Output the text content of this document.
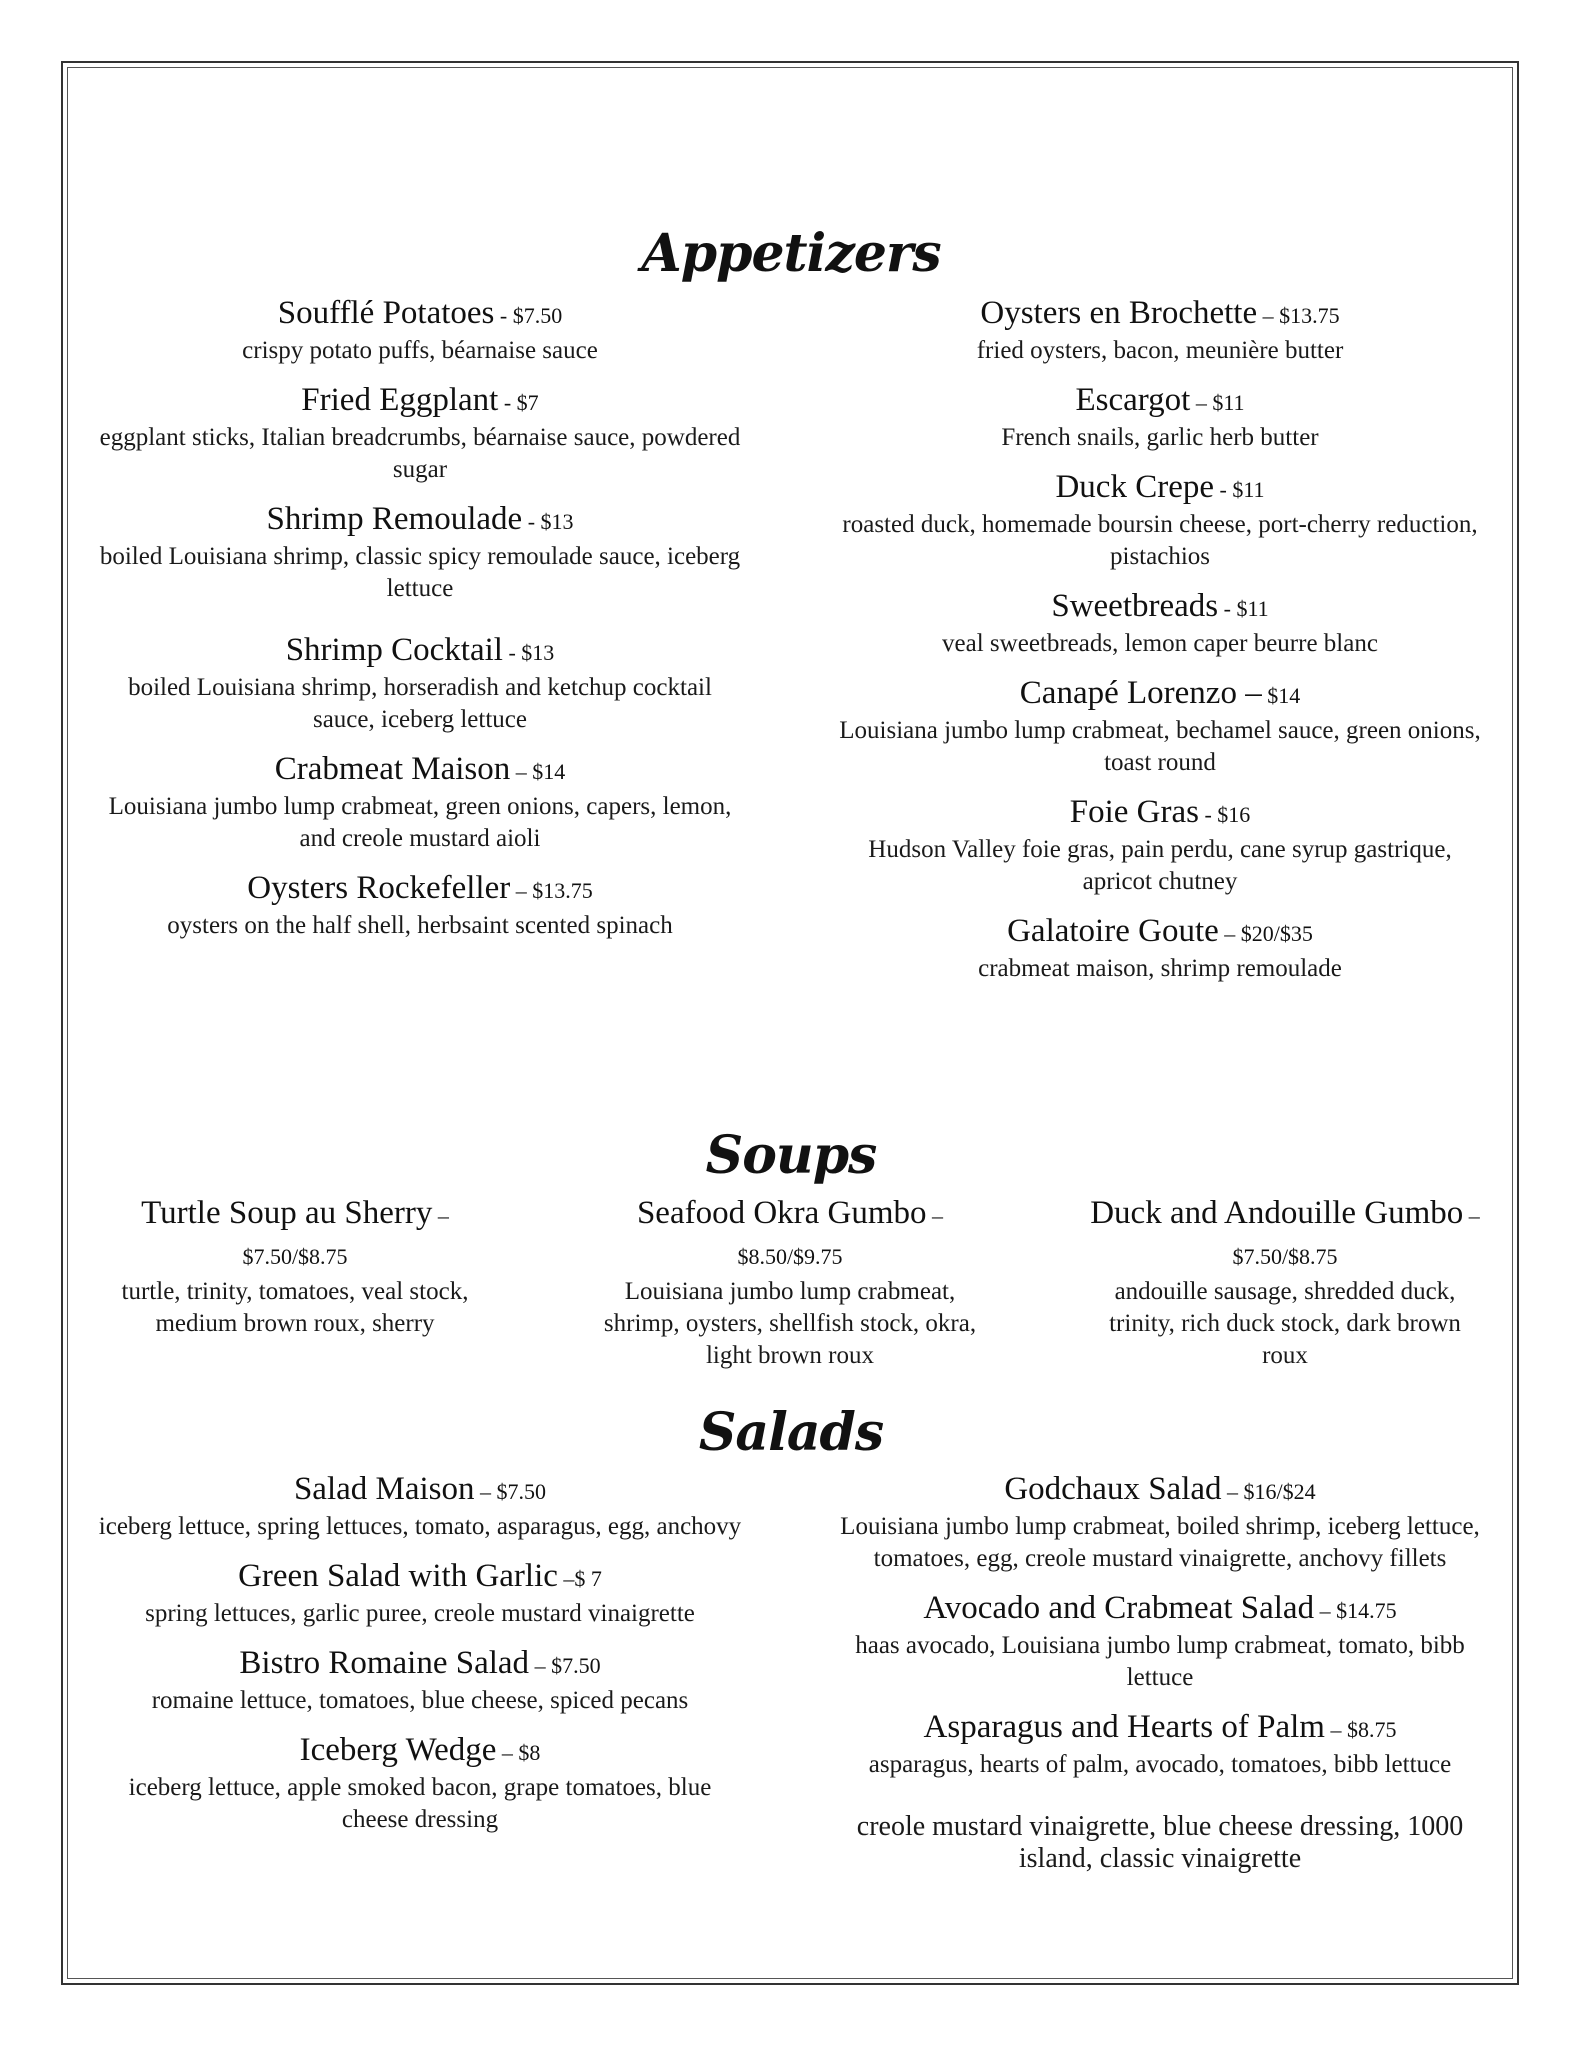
Appetizers
Soufflé Potatoes - $7.50
crispy potato puffs, béarnaise sauce
Fried Eggplant - $7
eggplant sticks, Italian breadcrumbs, béarnaise sauce, powdered sugar
Shrimp Remoulade - $13
boiled Louisiana shrimp, classic spicy remoulade sauce, iceberg lettuce
Shrimp Cocktail - $13
boiled Louisiana shrimp, horseradish and ketchup cocktail sauce, iceberg lettuce
Crabmeat Maison – $14
Louisiana jumbo lump crabmeat, green onions, capers, lemon, and creole mustard aioli
Oysters Rockefeller – $13.75
oysters on the half shell, herbsaint scented spinach
Oysters en Brochette – $13.75
fried oysters, bacon, meunière butter
Escargot – $11
French snails, garlic herb butter
Duck Crepe - $11
roasted duck, homemade boursin cheese, port-cherry reduction, pistachios
Sweetbreads - $11
veal sweetbreads, lemon caper beurre blanc
Canapé Lorenzo – $14
Louisiana jumbo lump crabmeat, bechamel sauce, green onions, toast round
Foie Gras - $16
Hudson Valley foie gras, pain perdu, cane syrup gastrique, apricot chutney
Galatoire Goute – $20/$35
crabmeat maison, shrimp remoulade
Soups
Turtle Soup au Sherry – $7.50/$8.75
turtle, trinity, tomatoes, veal stock, medium brown roux, sherry
Seafood Okra Gumbo – $8.50/$9.75
Louisiana jumbo lump crabmeat, shrimp, oysters, shellfish stock, okra, light brown roux
Duck and Andouille Gumbo – $7.50/$8.75
andouille sausage, shredded duck, trinity, rich duck stock, dark brown roux
Salads
Salad Maison – $7.50
iceberg lettuce, spring lettuces, tomato, asparagus, egg, anchovy
Green Salad with Garlic –$ 7
spring lettuces, garlic puree, creole mustard vinaigrette
Bistro Romaine Salad – $7.50
romaine lettuce, tomatoes, blue cheese, spiced pecans
Iceberg Wedge – $8
iceberg lettuce, apple smoked bacon, grape tomatoes, blue cheese dressing
Godchaux Salad – $16/$24
Louisiana jumbo lump crabmeat, boiled shrimp, iceberg lettuce, tomatoes, egg, creole mustard vinaigrette, anchovy fillets
Avocado and Crabmeat Salad – $14.75
haas avocado, Louisiana jumbo lump crabmeat, tomato, bibb lettuce
Asparagus and Hearts of Palm – $8.75
asparagus, hearts of palm, avocado, tomatoes, bibb lettuce

creole mustard vinaigrette, blue cheese dressing, 1000 island, classic vinaigrette
